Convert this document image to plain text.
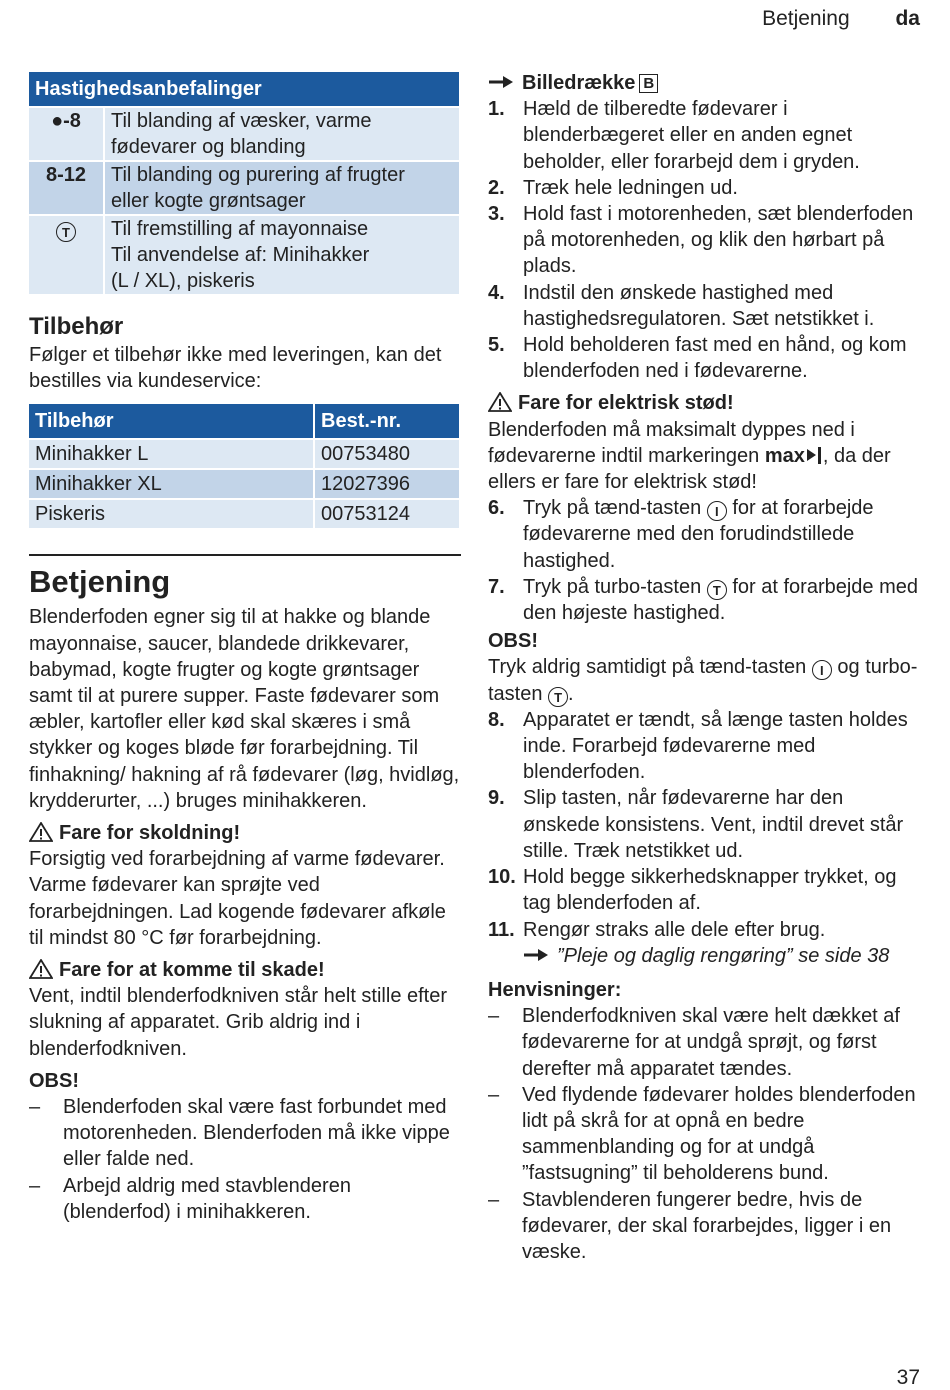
Betjening da
Hastighedsanbefalinger	
●-8	Til blanding af væsker, varme
fødevarer og blanding

8-12	Til blanding og purering af frugter
eller kogte grøntsager

T	Til fremstilling af mayonnaise
Til anvendelse af: Minihakker
(L / XL), piskeris
Tilbehør
Følger et tilbehør ikke med leveringen, kan det bestilles via kundeservice:
Tilbehør	Best.-nr.
Minihakker L	00753480
Minihakker XL	12027396
Piskeris	00753124
Betjening
Blenderfoden egner sig til at hakke og blande mayonnaise, saucer, blandede drikkevarer, babymad, kogte frugter og kogte grøntsager samt til at purere supper. Faste fødevarer som æbler, kartofler eller kød skal skæres i små stykker og koges bløde før forarbejdning. Til finhakning/ hakning af rå fødevarer (løg, hvidløg, krydderurter, ...) bruges minihakkeren.
Fare for skoldning!
Forsigtig ved forarbejdning af varme fødevarer. Varme fødevarer kan sprøjte ved forarbejdningen. Lad kogende fødevarer afkøle til mindst 80 °C før forarbejdning.
Fare for at komme til skade!
Vent, indtil blenderfodkniven står helt stille efter slukning af apparatet. Grib aldrig ind i blenderfodkniven.
OBS!
– Blenderfoden skal være fast forbundet med motorenheden. Blenderfoden må ikke vippe eller falde ned.
– Arbejd aldrig med stavblenderen (blenderfod) i minihakkeren.
Billedrække B
1. Hæld de tilberedte fødevarer i blenderbægeret eller en anden egnet beholder, eller forarbejd dem i gryden.
2. Træk hele ledningen ud.
3. Hold fast i motorenheden, sæt blenderfoden på motorenheden, og klik den hørbart på plads.
4. Indstil den ønskede hastighed med hastighedsregulatoren. Sæt netstikket i.
5. Hold beholderen fast med en hånd, og kom blenderfoden ned i fødevarerne.
Fare for elektrisk stød!
Blenderfoden må maksimalt dyppes ned i fødevarerne indtil markeringen max , da der ellers er fare for elektrisk stød!
6. Tryk på tænd-tasten I for at forarbejde fødevarerne med den forudindstillede hastighed.
7. Tryk på turbo-tasten T for at forarbejde med den højeste hastighed.
OBS!
Tryk aldrig samtidigt på tænd-tasten I og turbo-tasten T .
8. Apparatet er tændt, så længe tasten holdes inde. Forarbejd fødevarerne med blenderfoden.
9. Slip tasten, når fødevarerne har den ønskede konsistens. Vent, indtil drevet står stille. Træk netstikket ud.
10. Hold begge sikkerhedsknapper trykket, og tag blenderfoden af.
11. Rengør straks alle dele efter brug.
”Pleje og daglig rengøring” se side 38
Henvisninger:
– Blenderfodkniven skal være helt dækket af fødevarerne for at undgå sprøjt, og først derefter må apparatet tændes.
– Ved flydende fødevarer holdes blenderfoden lidt på skrå for at opnå en bedre sammenblanding og for at undgå ”fastsugning” til beholderens bund.
– Stavblenderen fungerer bedre, hvis de fødevarer, der skal forarbejdes, ligger i en væske.
37
